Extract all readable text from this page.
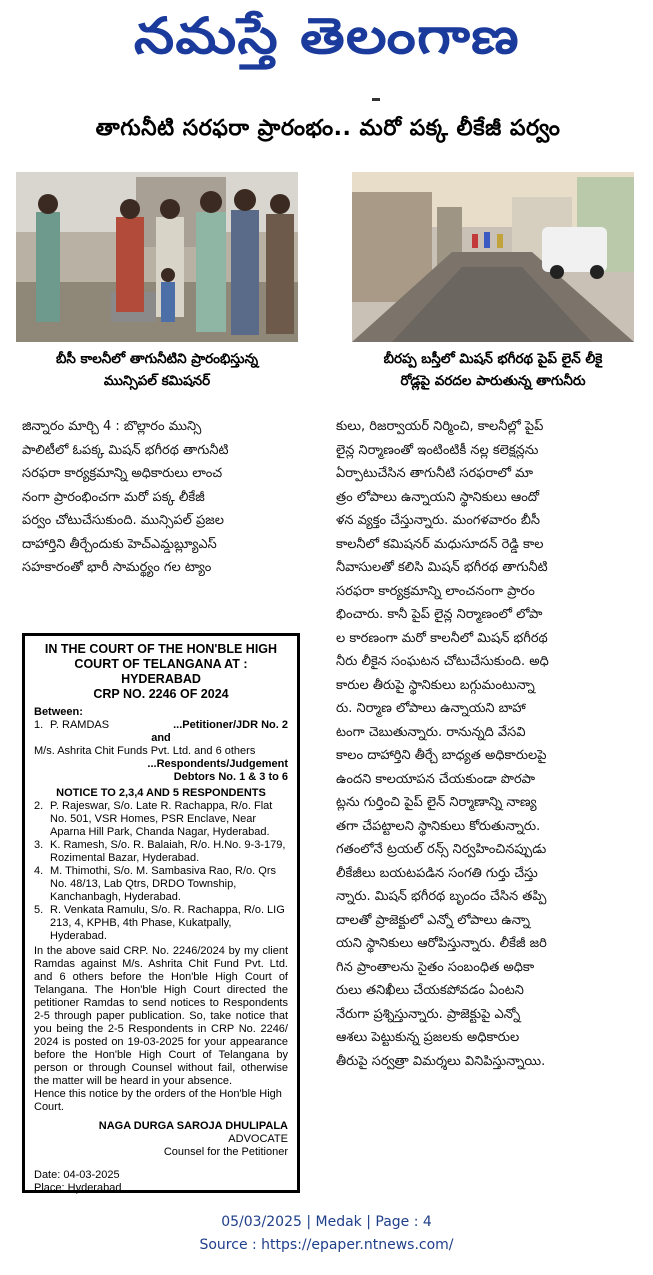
నమస్తే తెలంగాణ
తాగునీటి సరఫరా ప్రారంభం.. మరో పక్క లీకేజీ పర్వం
బీసీ కాలనీలో తాగునీటిని ప్రారంభిస్తున్న
మున్సిపల్ కమిషనర్
బీరప్ప బస్తీలో మిషన్ భగీరథ పైప్ లైన్ లీకై
రోడ్లపై వరదల పారుతున్న తాగునీరు

జిన్నారం మార్చి 4 : బొల్లారం మున్సి

పాలిటీలో ఓపక్క మిషన్ భగీరథ తాగునీటి

సరఫరా కార్యక్రమాన్ని అధికారులు లాంచ

నంగా ప్రారంభించగా మరో పక్క లీకేజీ

పర్వం చోటుచేసుకుంది. మున్సిపల్ ప్రజల

దాహార్తిని తీర్చేందుకు హెచ్ఎమ్డబ్ల్యూఎస్

సహకారంతో భారీ సామర్థ్యం గల ట్యాం

కులు, రిజర్వాయర్ నిర్మించి, కాలనీల్లో పైప్

లైన్ల నిర్మాణంతో ఇంటింటికీ నల్ల కలెక్షన్లను

ఏర్పాటుచేసిన తాగునీటి సరఫరాలో మా

త్రం లోపాలు ఉన్నాయని స్థానికులు ఆందో

ళన వ్యక్తం చేస్తున్నారు. మంగళవారం బీసీ

కాలనీలో కమిషనర్ మధుసూదన్ రెడ్డి కాల

నీవాసులతో కలిసి మిషన్ భగీరథ తాగునీటి

సరఫరా కార్యక్రమాన్ని లాంచనంగా ప్రారం

భించారు. కానీ పైప్ లైన్ల నిర్మాణంలో లోపా

ల కారణంగా మరో కాలనీలో మిషన్ భగీరథ

నీరు లీకైన సంఘటన చోటుచేసుకుంది. అధి

కారుల తీరుపై స్థానికులు బగ్గుమంటున్నా

రు. నిర్మాణ లోపాలు ఉన్నాయని బాహా

టంగా చెబుతున్నారు. రానున్నది వేసవి

కాలం దాహార్తిని తీర్చే బాధ్యత అధికారులపై

ఉందని కాలయాపన చేయకుండా పొరపా

ట్లను గుర్తించి పైప్ లైన్ నిర్మాణాన్ని నాణ్య

తగా చేపట్టాలని స్థానికులు కోరుతున్నారు.

గతంలోనే ట్రయల్ రన్స్ నిర్వహించినప్పుడు

లీకేజీలు బయటపడిన సంగతి గుర్తు చేస్తు

న్నారు. మిషన్ భగీరథ బృందం చేసిన తప్పి

దాలతో ప్రాజెక్టులో ఎన్నో లోపాలు ఉన్నా

యని స్థానికులు ఆరోపిస్తున్నారు. లీకేజీ జరి

గిన ప్రాంతాలను సైతం సంబంధిత అధికా

రులు తనిఖీలు చేయకపోవడం ఏంటని

నేరుగా ప్రశ్నిస్తున్నారు. ప్రాజెక్టుపై ఎన్నో

ఆశలు పెట్టుకున్న ప్రజలకు అధికారుల

తీరుపై సర్వత్రా విమర్శలు వినిపిస్తున్నాయి.

IN THE COURT OF THE HON'BLE HIGH
COURT OF TELANGANA AT : HYDERABAD
CRP NO. 2246 OF 2024
Between:
1. P. RAMDAS	...Petitioner/JDR No. 2
and
M/s. Ashrita Chit Funds Pvt. Ltd. and 6 others
...Respondents/Judgement
Debtors No. 1 & 3 to 6
NOTICE TO 2,3,4 AND 5 RESPONDENTS
2. P. Rajeswar, S/o. Late R. Rachappa, R/o. Flat No. 501, VSR Homes, PSR Enclave, Near Aparna Hill Park, Chanda Nagar, Hyderabad.
3. K. Ramesh, S/o. R. Balaiah, R/o. H.No. 9-3-179, Rozimental Bazar, Hyderabad.
4. M. Thimothi, S/o. M. Sambasiva Rao, R/o. Qrs No. 48/13, Lab Qtrs, DRDO Township, Kanchanbagh, Hyderabad.
5. R. Venkata Ramulu, S/o. R. Rachappa, R/o. LIG 213, 4, KPHB, 4th Phase, Kukatpally, Hyderabad.
In the above said CRP. No. 2246/2024 by my client Ramdas against M/s. Ashrita Chit Fund Pvt. Ltd. and 6 others before the Hon'ble High Court of Telangana. The Hon'ble High Court directed the petitioner Ramdas to send notices to Respondents 2-5 through paper publication. So, take notice that you being the 2-5 Respondents in CRP No. 2246/ 2024 is posted on 19-03-2025 for your appearance before the Hon'ble High Court of Telangana by person or through Counsel without fail, otherwise the matter will be heard in your absence.
Hence this notice by the orders of the Hon'ble High Court.
NAGA DURGA SAROJA DHULIPALA
ADVOCATE
Counsel for the Petitioner
Date: 04-03-2025
Place: Hyderabad
05/03/2025 | Medak | Page : 4
Source : https://epaper.ntnews.com/
